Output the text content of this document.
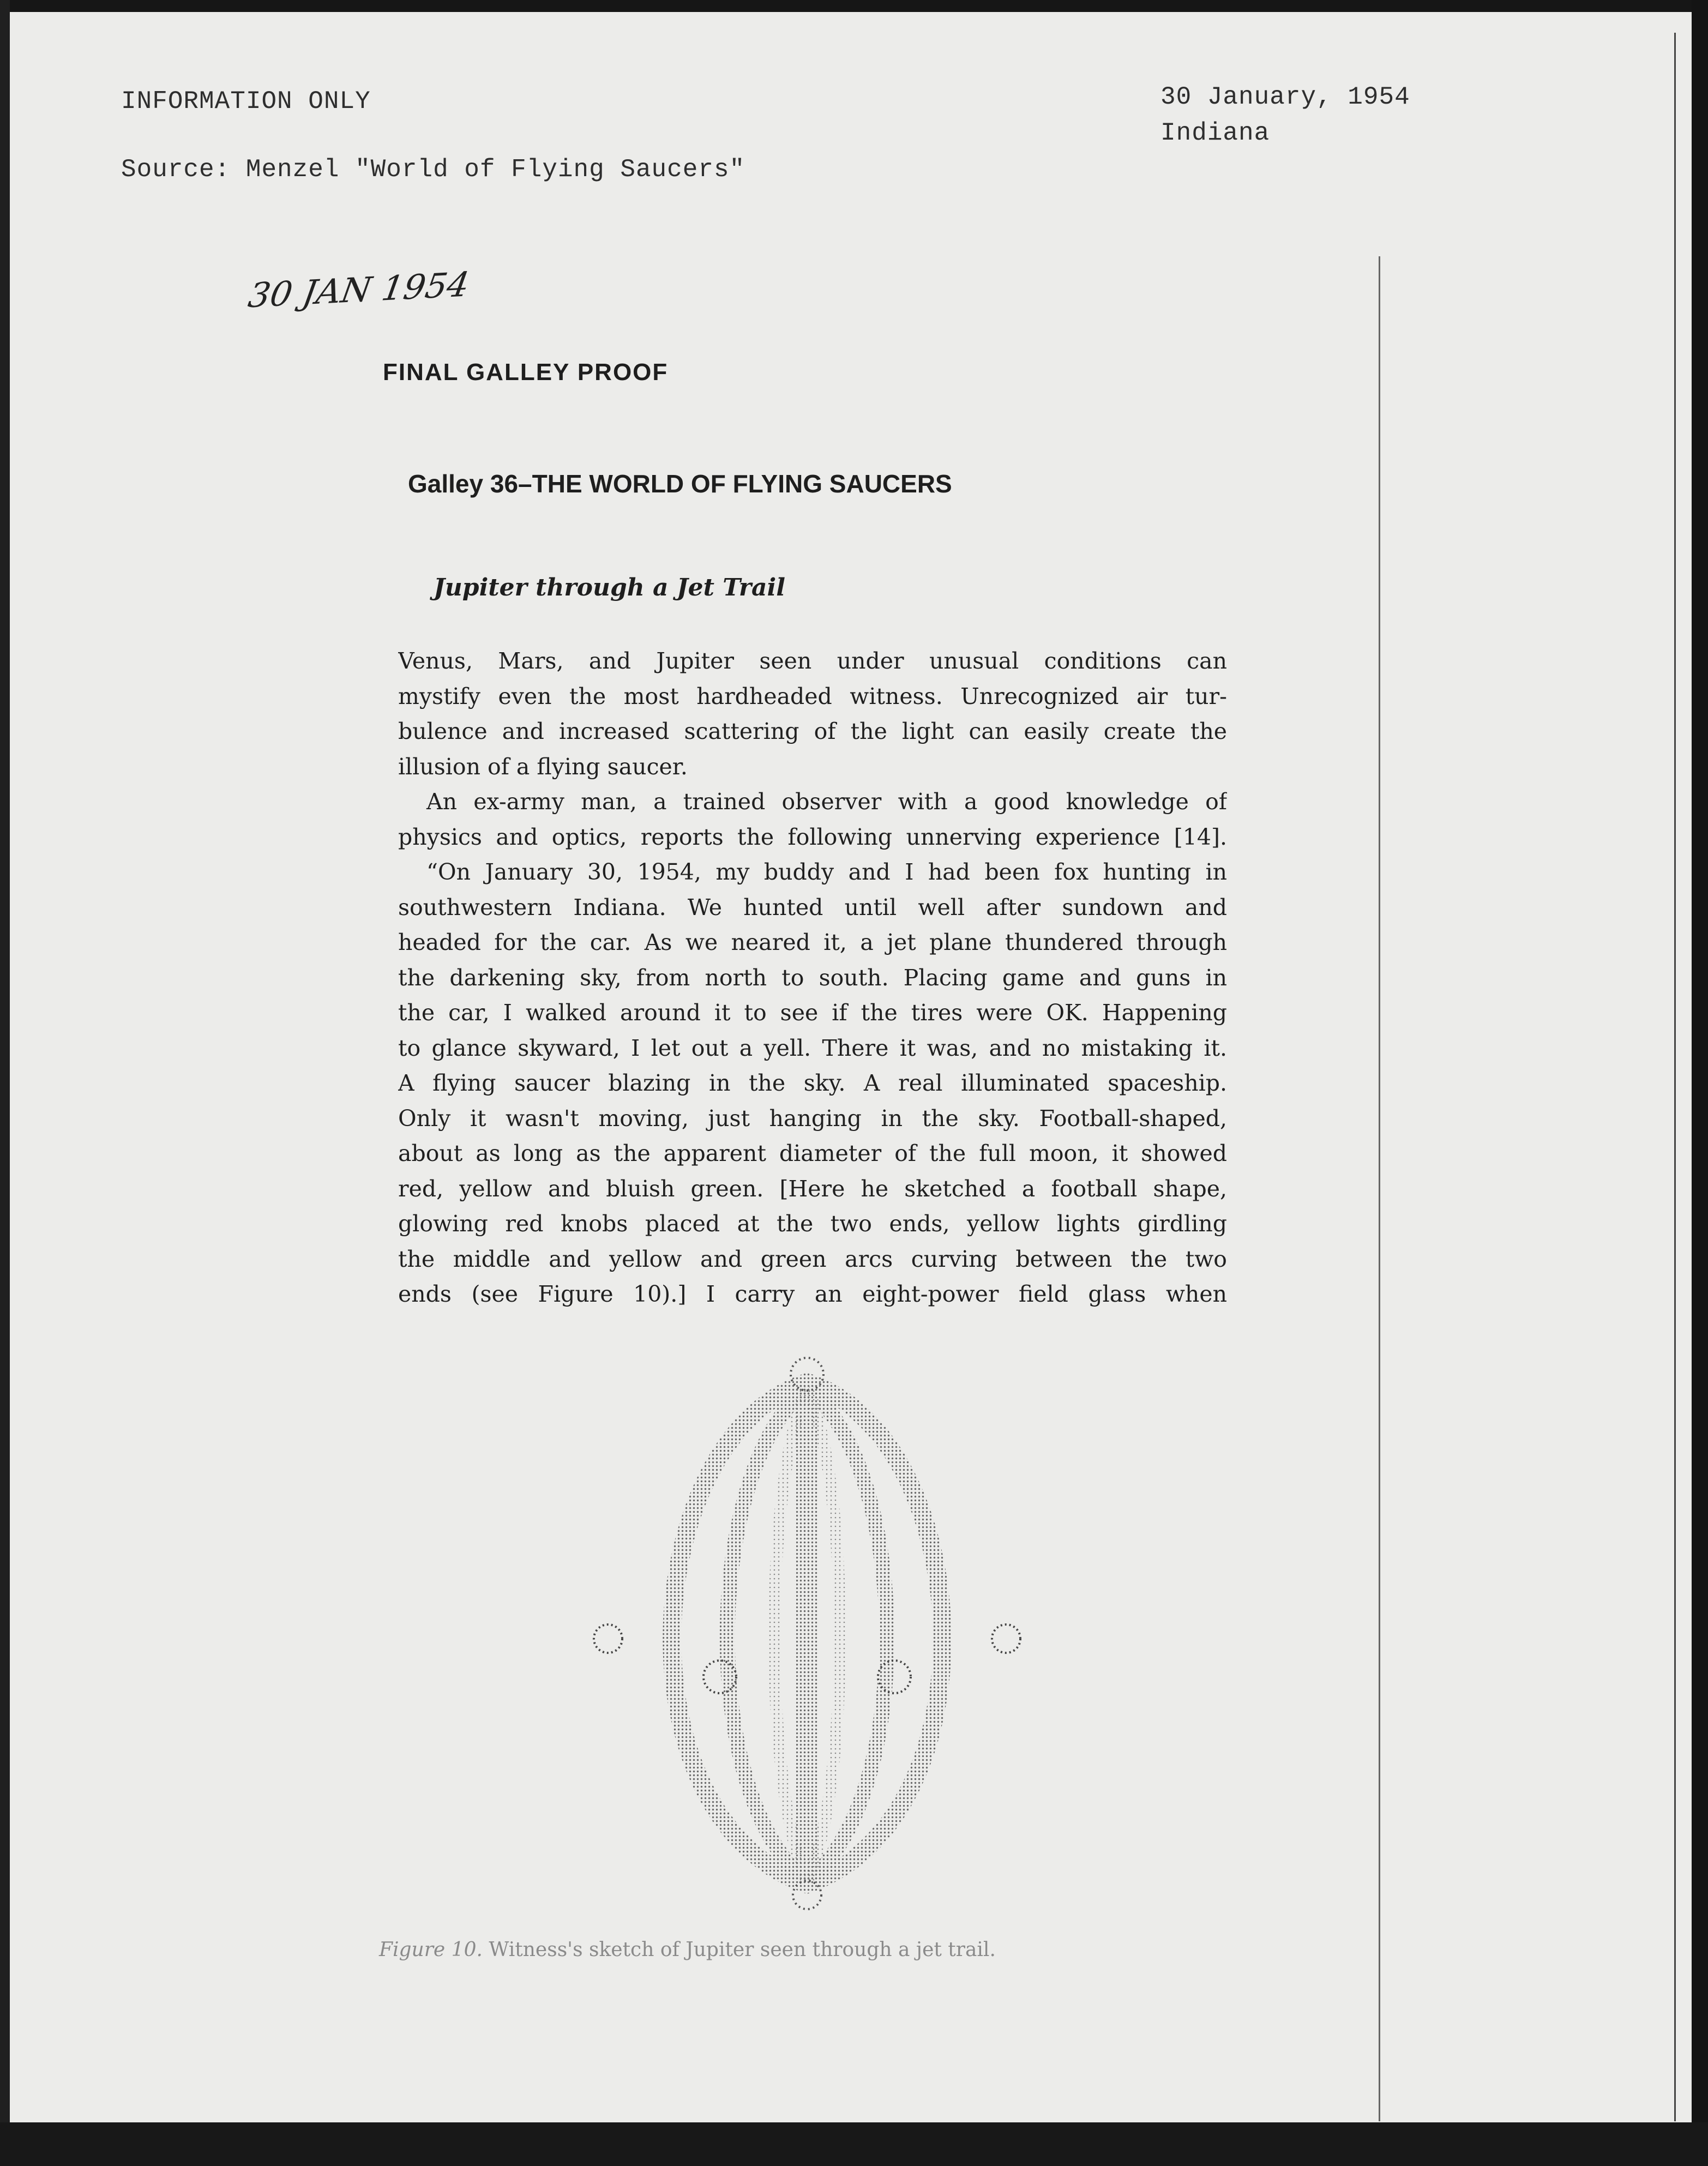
INFORMATION ONLY
Source: Menzel "World of Flying Saucers"
30 January, 1954
Indiana
30 JAN 1954
FINAL GALLEY PROOF
Galley 36–THE WORLD OF FLYING SAUCERS
Jupiter through a Jet Trail
Venus, Mars, and Jupiter seen under unusual conditions can
mystify even the most hardheaded witness. Unrecognized air tur-
bulence and increased scattering of the light can easily create the
illusion of a flying saucer.
An ex-army man, a trained observer with a good knowledge of
physics and optics, reports the following unnerving experience [14].
“On January 30, 1954, my buddy and I had been fox hunting in
southwestern Indiana. We hunted until well after sundown and
headed for the car. As we neared it, a jet plane thundered through
the darkening sky, from north to south. Placing game and guns in
the car, I walked around it to see if the tires were OK. Happening
to glance skyward, I let out a yell. There it was, and no mistaking it.
A flying saucer blazing in the sky. A real illuminated spaceship.
Only it wasn't moving, just hanging in the sky. Football-shaped,
about as long as the apparent diameter of the full moon, it showed
red, yellow and bluish green. [Here he sketched a football shape,
glowing red knobs placed at the two ends, yellow lights girdling
the middle and yellow and green arcs curving between the two
ends (see Figure 10).] I carry an eight-power field glass when
Figure 10. Witness's sketch of Jupiter seen through a jet trail.
